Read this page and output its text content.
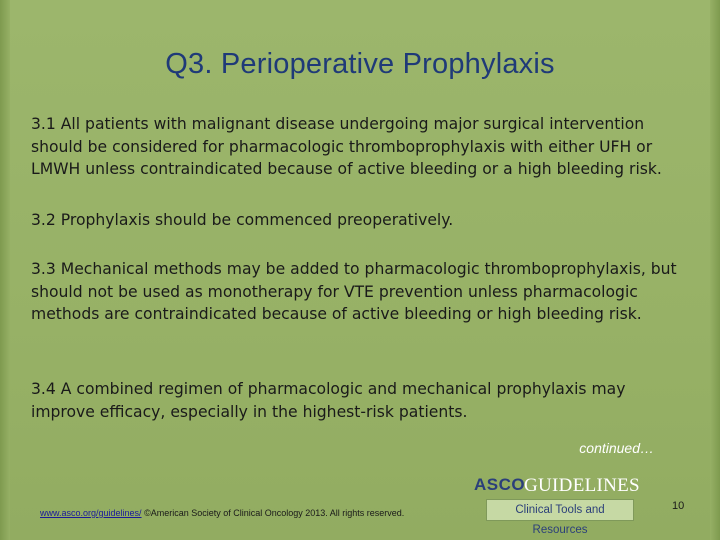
Q3. Perioperative Prophylaxis

3.1 All patients with malignant disease undergoing major surgical intervention should be considered for pharmacologic thromboprophylaxis with either UFH or LMWH unless contraindicated because of active bleeding or a high bleeding risk.

3.2 Prophylaxis should be commenced preoperatively.

3.3 Mechanical methods may be added to pharmacologic thromboprophylaxis, but should not be used as monotherapy for VTE prevention unless pharmacologic methods are contraindicated because of active bleeding or high bleeding risk.

3.4 A combined regimen of pharmacologic and mechanical prophylaxis may improve efficacy, especially in the highest-risk patients.

continued…
www.asco.org/guidelines/ ©American Society of Clinical Oncology 2013. All rights reserved.
ASCO
GUIDELINES
Clinical Tools and Resources
10
